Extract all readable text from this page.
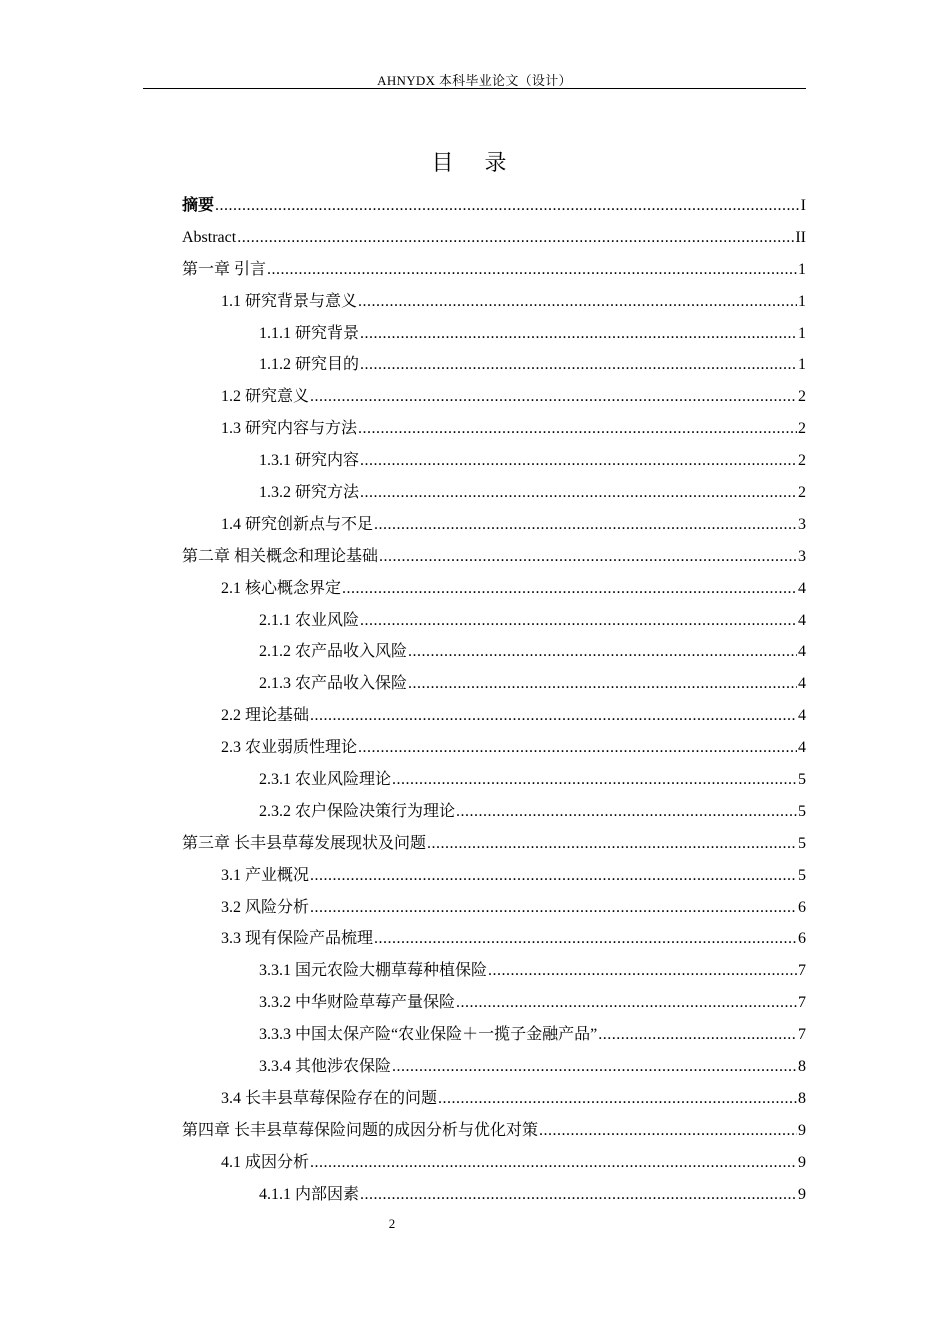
AHNYDX 本科毕业论文（设计）
目 录
摘要 .....	I
Abstract .....	II
第一章 引言 .....	1
1.1 研究背景与意义 .....	1
1.1.1 研究背景 .....	1
1.1.2 研究目的 .....	1
1.2 研究意义 .....	2
1.3 研究内容与方法 .....	2
1.3.1 研究内容 .....	2
1.3.2 研究方法 .....	2
1.4 研究创新点与不足 .....	3
第二章 相关概念和理论基础 .....	3
2.1 核心概念界定 .....	4
2.1.1 农业风险 .....	4
2.1.2 农产品收入风险 .....	4
2.1.3 农产品收入保险 .....	4
2.2 理论基础 .....	4
2.3 农业弱质性理论 .....	4
2.3.1 农业风险理论 .....	5
2.3.2 农户保险决策行为理论 .....	5
第三章 长丰县草莓发展现状及问题 .....	5
3.1 产业概况 .....	5
3.2 风险分析 .....	6
3.3 现有保险产品梳理 .....	6
3.3.1 国元农险大棚草莓种植保险 .....	7
3.3.2 中华财险草莓产量保险 .....	7
3.3.3 中国太保产险“农业保险＋一揽子金融产品” .....	7
3.3.4 其他涉农保险 .....	8
3.4 长丰县草莓保险存在的问题 .....	8
第四章 长丰县草莓保险问题的成因分析与优化对策 .....	9
4.1 成因分析 .....	9
4.1.1 内部因素 .....	9
2
